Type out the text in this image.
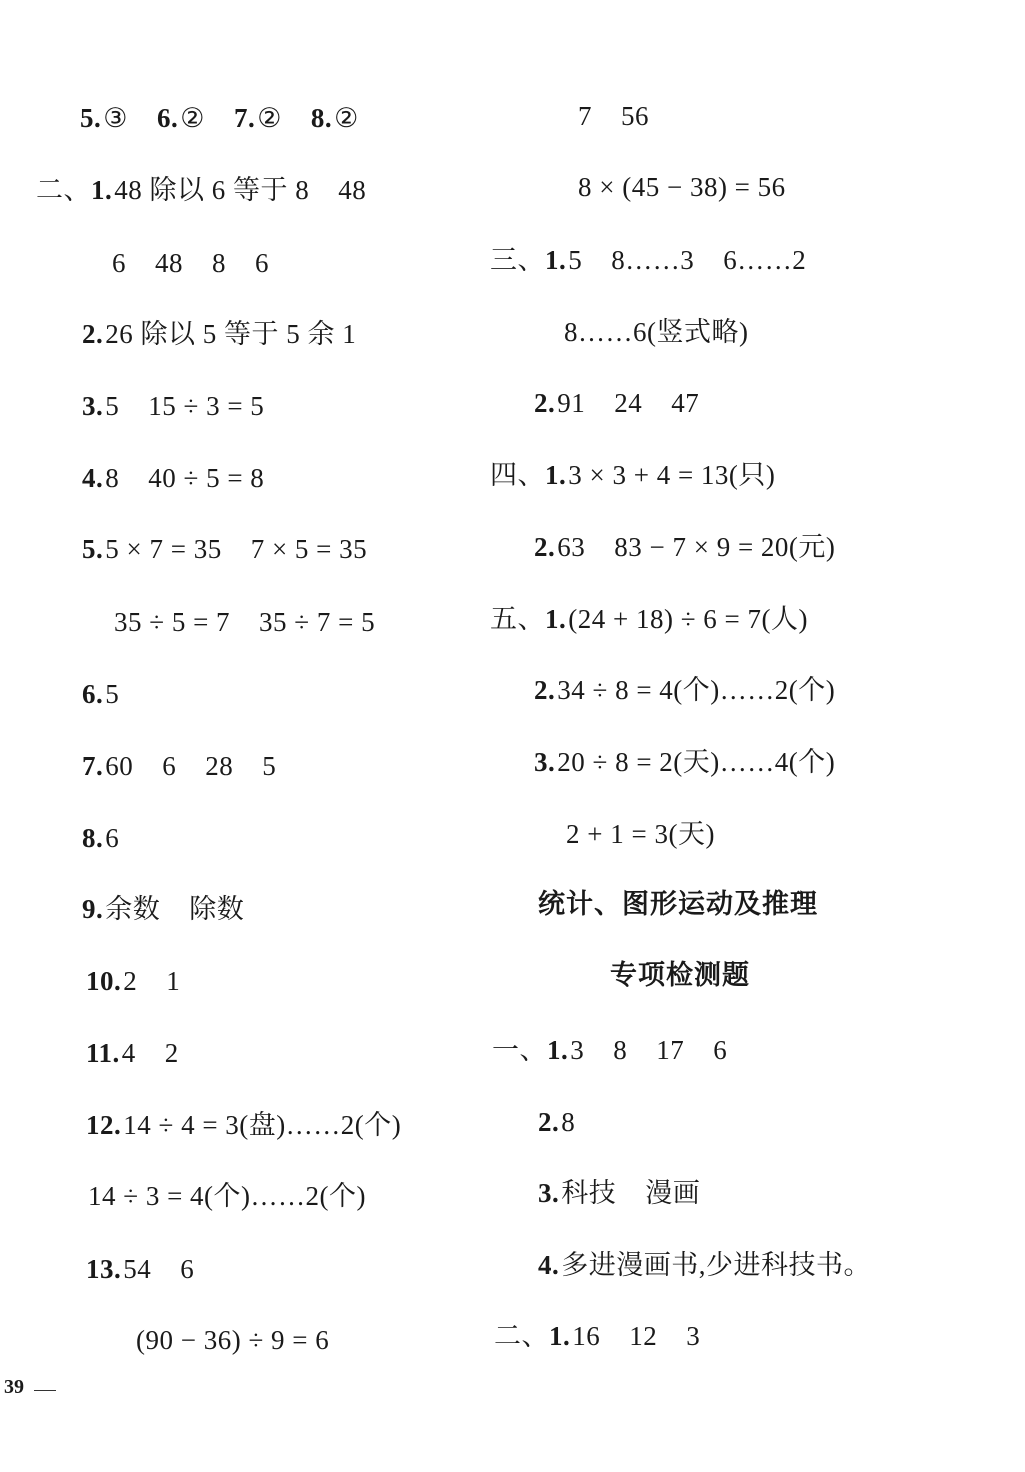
5.③    6.②    7.②    8.②
二、1.48 除以 6 等于 8    48
6    48    8    6
2.26 除以 5 等于 5 余 1
3.5    15 ÷ 3 = 5
4.8    40 ÷ 5 = 8
5.5 × 7 = 35    7 × 5 = 35
35 ÷ 5 = 7    35 ÷ 7 = 5
6.5
7.60    6    28    5
8.6
9.余数    除数
10.2    1
11.4    2
12.14 ÷ 4 = 3(盘)……2(个)
14 ÷ 3 = 4(个)……2(个)
13.54    6
(90 − 36) ÷ 9 = 6
7    56
8 × (45 − 38) = 56
三、1.5    8……3    6……2
8……6(竖式略)
2.91    24    47
四、1.3 × 3 + 4 = 13(只)
2.63    83 − 7 × 9 = 20(元)
五、1.(24 + 18) ÷ 6 = 7(人)
2.34 ÷ 8 = 4(个)……2(个)
3.20 ÷ 8 = 2(天)……4(个)
2 + 1 = 3(天)
统计、图形运动及推理
专项检测题
一、1.3    8    17    6
2.8
3.科技    漫画
4.多进漫画书,少进科技书。
二、1.16    12    3
39
